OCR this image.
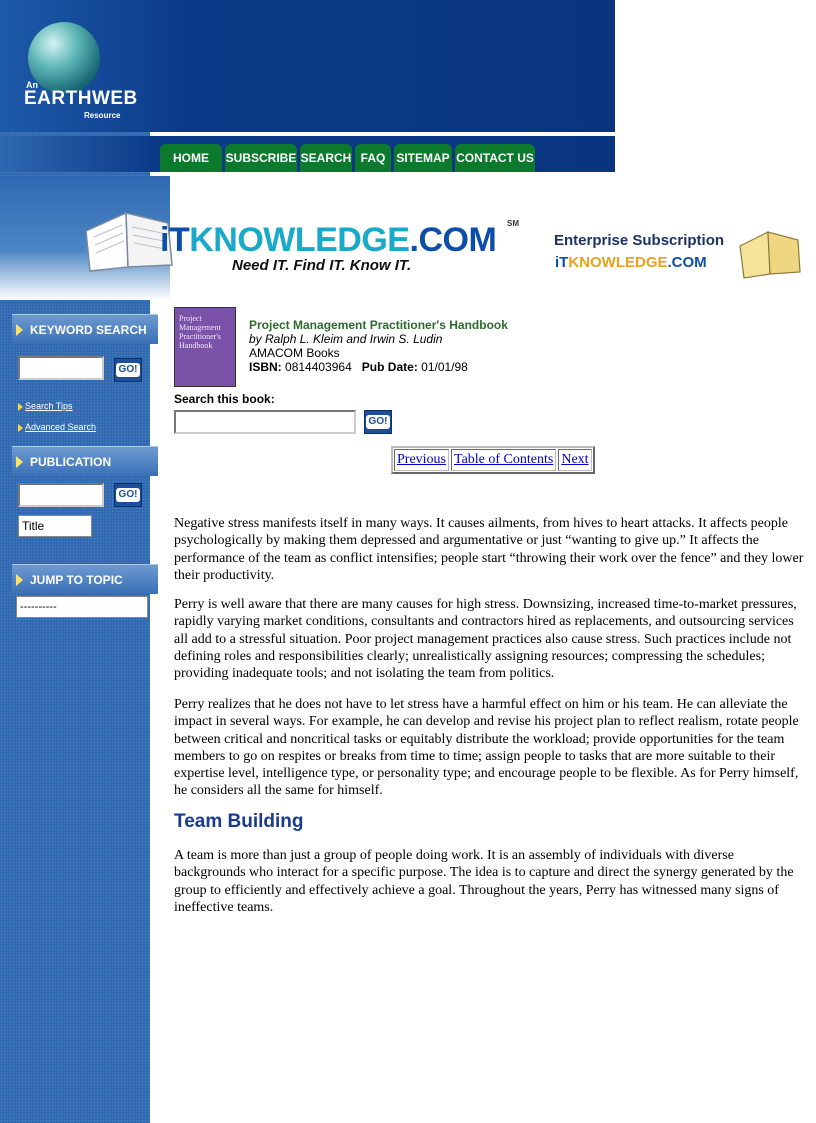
An
EARTHWEB
Resource
HOME	SUBSCRIBE SEARCH FAQ SITEMAP CONTACT US
iTKNOWLEDGE.COM SM
Need IT. Find IT. Know IT.
Enterprise Subscription
iTKNOWLEDGE.COM
KEYWORD SEARCH
GO!
Search Tips
Advanced Search
PUBLICATION
GO!
Title
JUMP TO TOPIC
----------
Project Management Practitioner's Handbook
Project Management Practitioner's Handbook
by Ralph L. Kleim and Irwin S. Ludin
AMACOM Books
ISBN: 0814403964 Pub Date: 01/01/98
Search this book:
GO!
Previous Table of Contents Next

Negative stress manifests itself in many ways. It causes ailments, from hives to heart attacks. It affects people psychologically by making them depressed and argumentative or just “wanting to give up.” It affects the performance of the team as conflict intensifies; people start “throwing their work over the fence” and they lower their productivity.

Perry is well aware that there are many causes for high stress. Downsizing, increased time-to-market pressures, rapidly varying market conditions, consultants and contractors hired as replacements, and outsourcing services all add to a stressful situation. Poor project management practices also cause stress. Such practices include not defining roles and responsibilities clearly; unrealistically assigning resources; compressing the schedules; providing inadequate tools; and not isolating the team from politics.

Perry realizes that he does not have to let stress have a harmful effect on him or his team. He can alleviate the impact in several ways. For example, he can develop and revise his project plan to reflect realism, rotate people between critical and noncritical tasks or equitably distribute the workload; provide opportunities for the team members to go on respites or breaks from time to time; assign people to tasks that are more suitable to their expertise level, intelligence type, or personality type; and encourage people to be flexible. As for Perry himself, he considers all the same for himself.

Team Building

A team is more than just a group of people doing work. It is an assembly of individuals with diverse backgrounds who interact for a specific purpose. The idea is to capture and direct the synergy generated by the group to efficiently and effectively achieve a goal. Throughout the years, Perry has witnessed many signs of ineffective teams.
